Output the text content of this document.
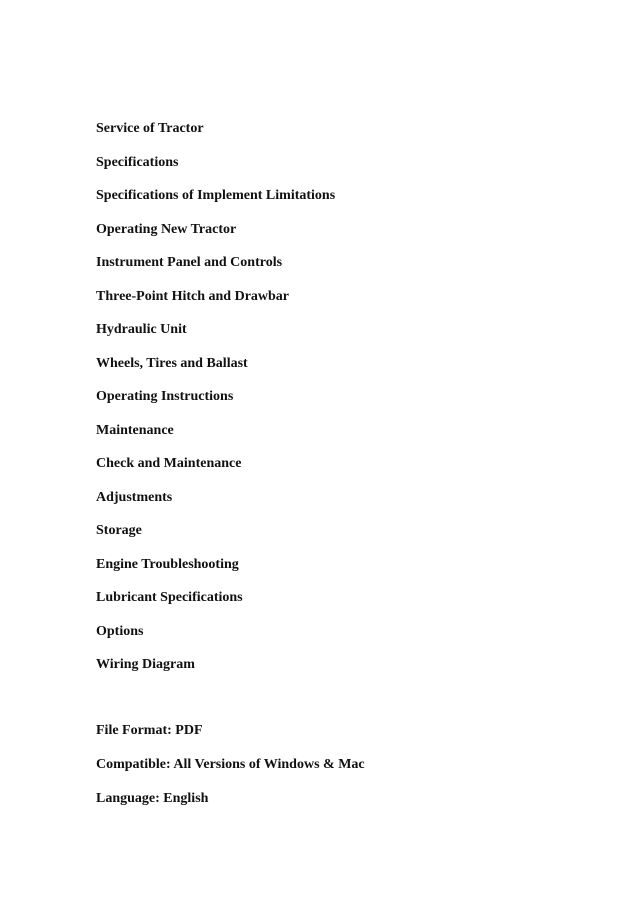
Service of Tractor
Specifications
Specifications of Implement Limitations
Operating New Tractor
Instrument Panel and Controls
Three-Point Hitch and Drawbar
Hydraulic Unit
Wheels, Tires and Ballast
Operating Instructions
Maintenance
Check and Maintenance
Adjustments
Storage
Engine Troubleshooting
Lubricant Specifications
Options
Wiring Diagram
File Format: PDF
Compatible: All Versions of Windows & Mac
Language: English
